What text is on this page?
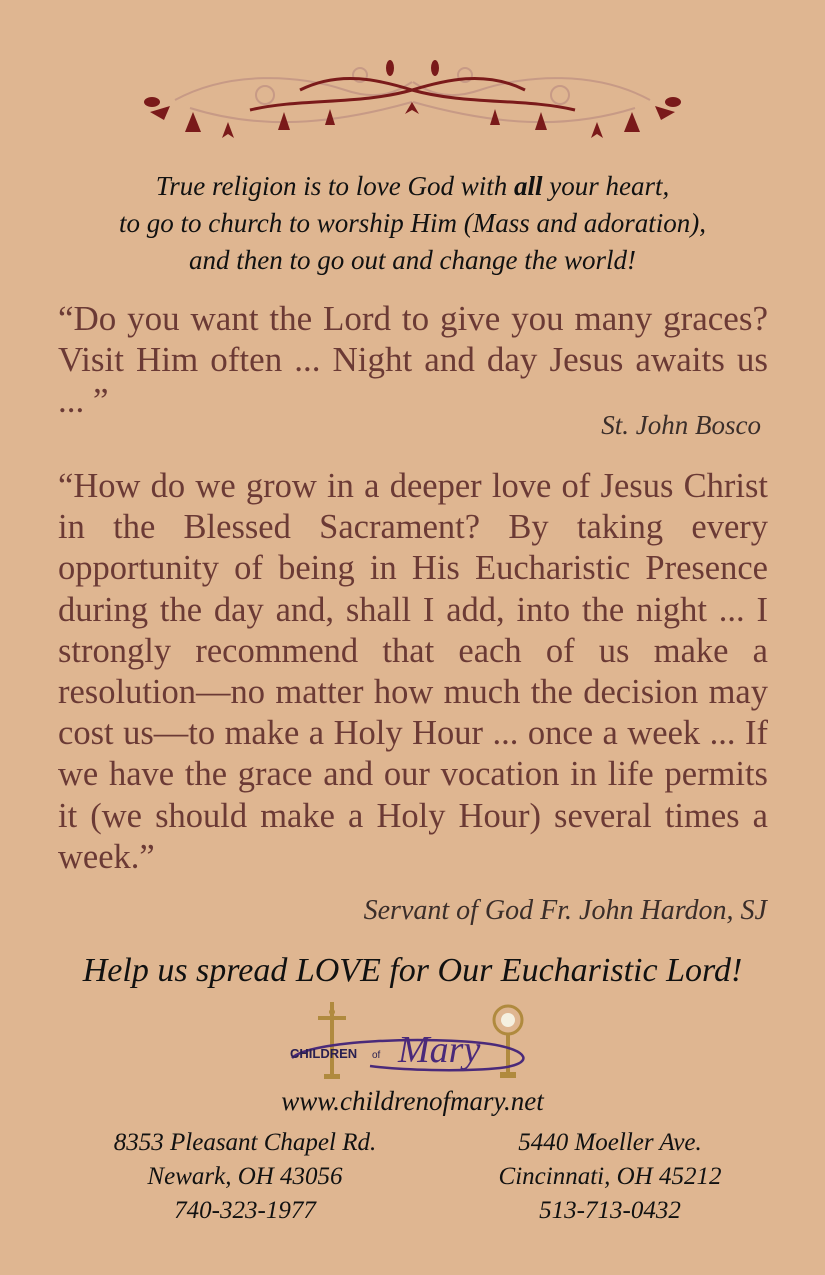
True religion is to love God with all your heart,
to go to church to worship Him (Mass and adoration),
and then to go out and change the world!
“Do you want the Lord to give you many graces? Visit Him often ... Night and day Jesus awaits us ... ”
St. John Bosco
“How do we grow in a deeper love of Jesus Christ in the Blessed Sacrament? By taking every opportunity of being in His Eucharistic Presence during the day and, shall I add, into the night ... I strongly recommend that each of us make a resolution—no matter how much the decision may cost us—to make a Holy Hour ... once a week ... If we have the grace and our vocation in life permits it (we should make a Holy Hour) several times a week.”
Servant of God Fr. John Hardon, SJ
Help us spread LOVE for Our Eucharistic Lord!
CHILDREN of Mary
www.childrenofmary.net
8353 Pleasant Chapel Rd.
Newark, OH 43056
740-323-1977
5440 Moeller Ave.
Cincinnati, OH 45212
513-713-0432
